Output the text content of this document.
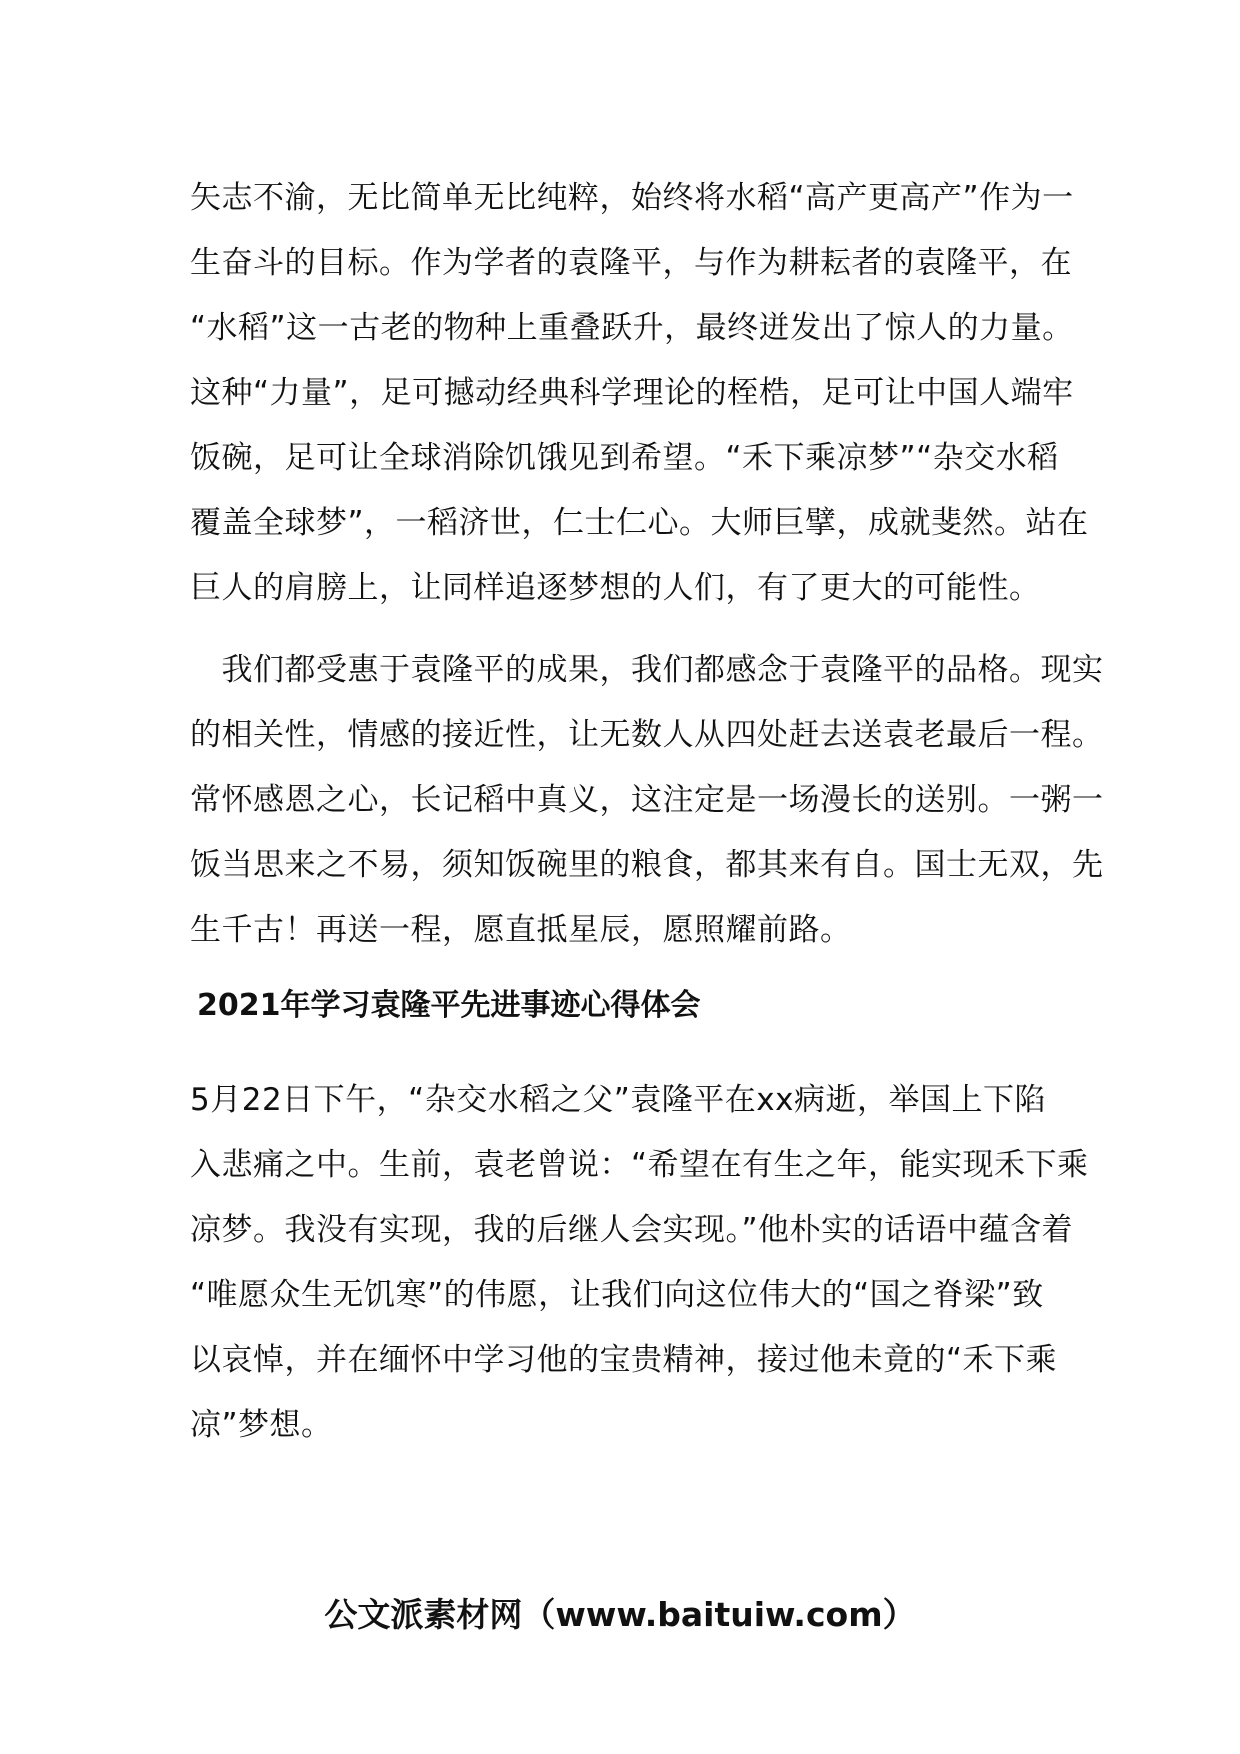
矢志不渝，无比简单无比纯粹，始终将水稻“高产更高产”作为一
生奋斗的目标。作为学者的袁隆平，与作为耕耘者的袁隆平，在
“水稻”这一古老的物种上重叠跃升，最终迸发出了惊人的力量。
这种“力量”，足可撼动经典科学理论的桎梏，足可让中国人端牢
饭碗，足可让全球消除饥饿见到希望。“禾下乘凉梦”“杂交水稻
覆盖全球梦”，一稻济世，仁士仁心。大师巨擘，成就斐然。站在
巨人的肩膀上，让同样追逐梦想的人们，有了更大的可能性。

　我们都受惠于袁隆平的成果，我们都感念于袁隆平的品格。现实
的相关性，情感的接近性，让无数人从四处赶去送袁老最后一程。
常怀感恩之心，长记稻中真义，这注定是一场漫长的送别。一粥一
饭当思来之不易，须知饭碗里的粮食，都其来有自。国士无双，先
生千古！再送一程，愿直抵星辰，愿照耀前路。

2021年学习袁隆平先进事迹心得体会

5月22日下午，“杂交水稻之父”袁隆平在xx病逝，举国上下陷
入悲痛之中。生前，袁老曾说：“希望在有生之年，能实现禾下乘
凉梦。我没有实现，我的后继人会实现。”他朴实的话语中蕴含着
“唯愿众生无饥寒”的伟愿，让我们向这位伟大的“国之脊梁”致
以哀悼，并在缅怀中学习他的宝贵精神，接过他未竟的“禾下乘
凉”梦想。

公文派素材网（www.baituiw.com）
